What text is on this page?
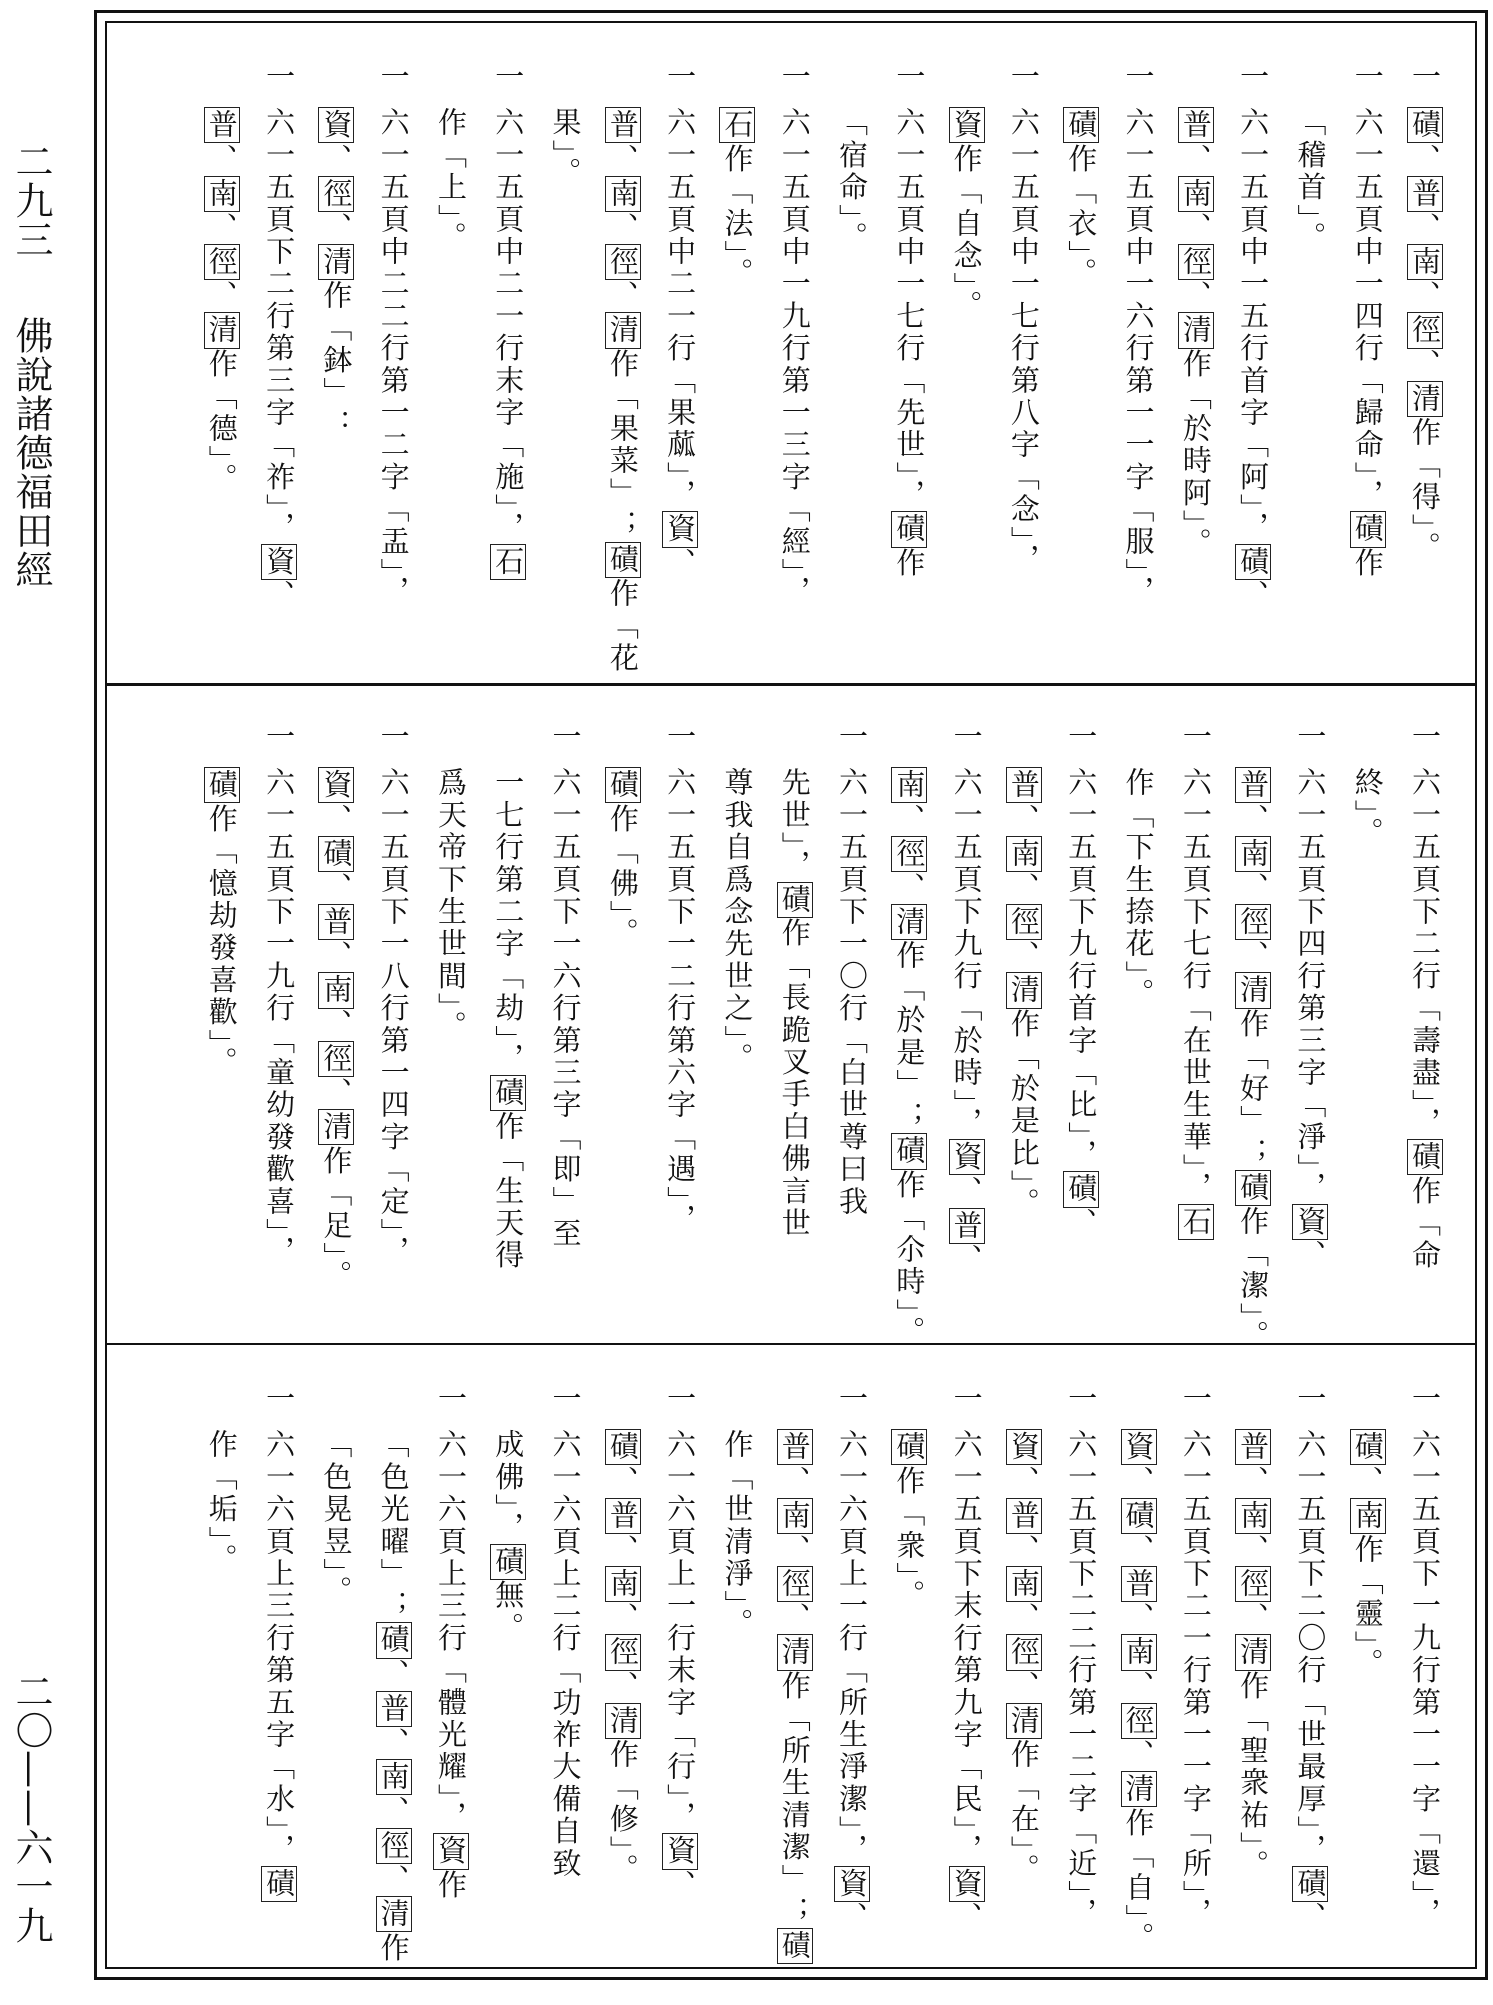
二九三
佛說諸德福田經
二〇——六一九
一磧、普、南、徑、清作「得」。
一六一五頁中一四行「歸命」，磧作
　「稽首」。
一六一五頁中一五行首字「阿」，磧、
　普、南、徑、清作「於時阿」。
一六一五頁中一六行第一一字「服」，
　磧作「衣」。
一六一五頁中一七行第八字「念」，
　資作「自念」。
一六一五頁中一七行「先世」，磧作
　「宿命」。
一六一五頁中一九行第一三字「經」，
　石作「法」。
一六一五頁中二一行「果蓏」，資、
　普、南、徑、清作「果菜」；磧作「花
　果」。
一六一五頁中二一行末字「施」，石
　作「上」。
一六一五頁中二二行第一二字「盂」，
　資、徑、清作「鉢」：
一六一五頁下二行第三字「祚」，資、
　普、南、徑、清作「德」。
一六一五頁下二行「壽盡」，磧作「命
　終」。
一六一五頁下四行第三字「淨」，資、
　普、南、徑、清作「好」；磧作「潔」。
一六一五頁下七行「在世生華」，石
　作「下生捺花」。
一六一五頁下九行首字「比」，磧、
　普、南、徑、清作「於是比」。
一六一五頁下九行「於時」，資、普、
　南、徑、清作「於是」；磧作「尒時」。
一六一五頁下一〇行「白世尊曰我
　先世」，磧作「長跪叉手白佛言世
　尊我自爲念先世之」。
一六一五頁下一二行第六字「遇」，
　磧作「佛」。
一六一五頁下一六行第三字「即」至
　一七行第二字「劫」，磧作「生天得
　爲天帝下生世間」。
一六一五頁下一八行第一四字「定」，
　資、磧、普、南、徑、清作「足」。
一六一五頁下一九行「童幼發歡喜」，
　磧作「憶劫發喜歡」。
一六一五頁下一九行第一一字「還」，
　磧、南作「靈」。
一六一五頁下二〇行「世最厚」，磧、
　普、南、徑、清作「聖衆祐」。
一六一五頁下二一行第一一字「所」，
　資、磧、普、南、徑、清作「自」。
一六一五頁下二二行第一二字「近」，
　資、普、南、徑、清作「在」。
一六一五頁下末行第九字「民」，資、
　磧作「衆」。
一六一六頁上一行「所生淨潔」，資、
　普、南、徑、清作「所生清潔」；磧
　作「世清淨」。
一六一六頁上一行末字「行」，資、
　磧、普、南、徑、清作「修」。
一六一六頁上二行「功祚大備自致
　成佛」，磧無。
一六一六頁上三行「體光耀」，資作
　「色光曜」；磧、普、南、徑、清作
　「色晃昱」。
一六一六頁上三行第五字「水」，磧
　作「垢」。
